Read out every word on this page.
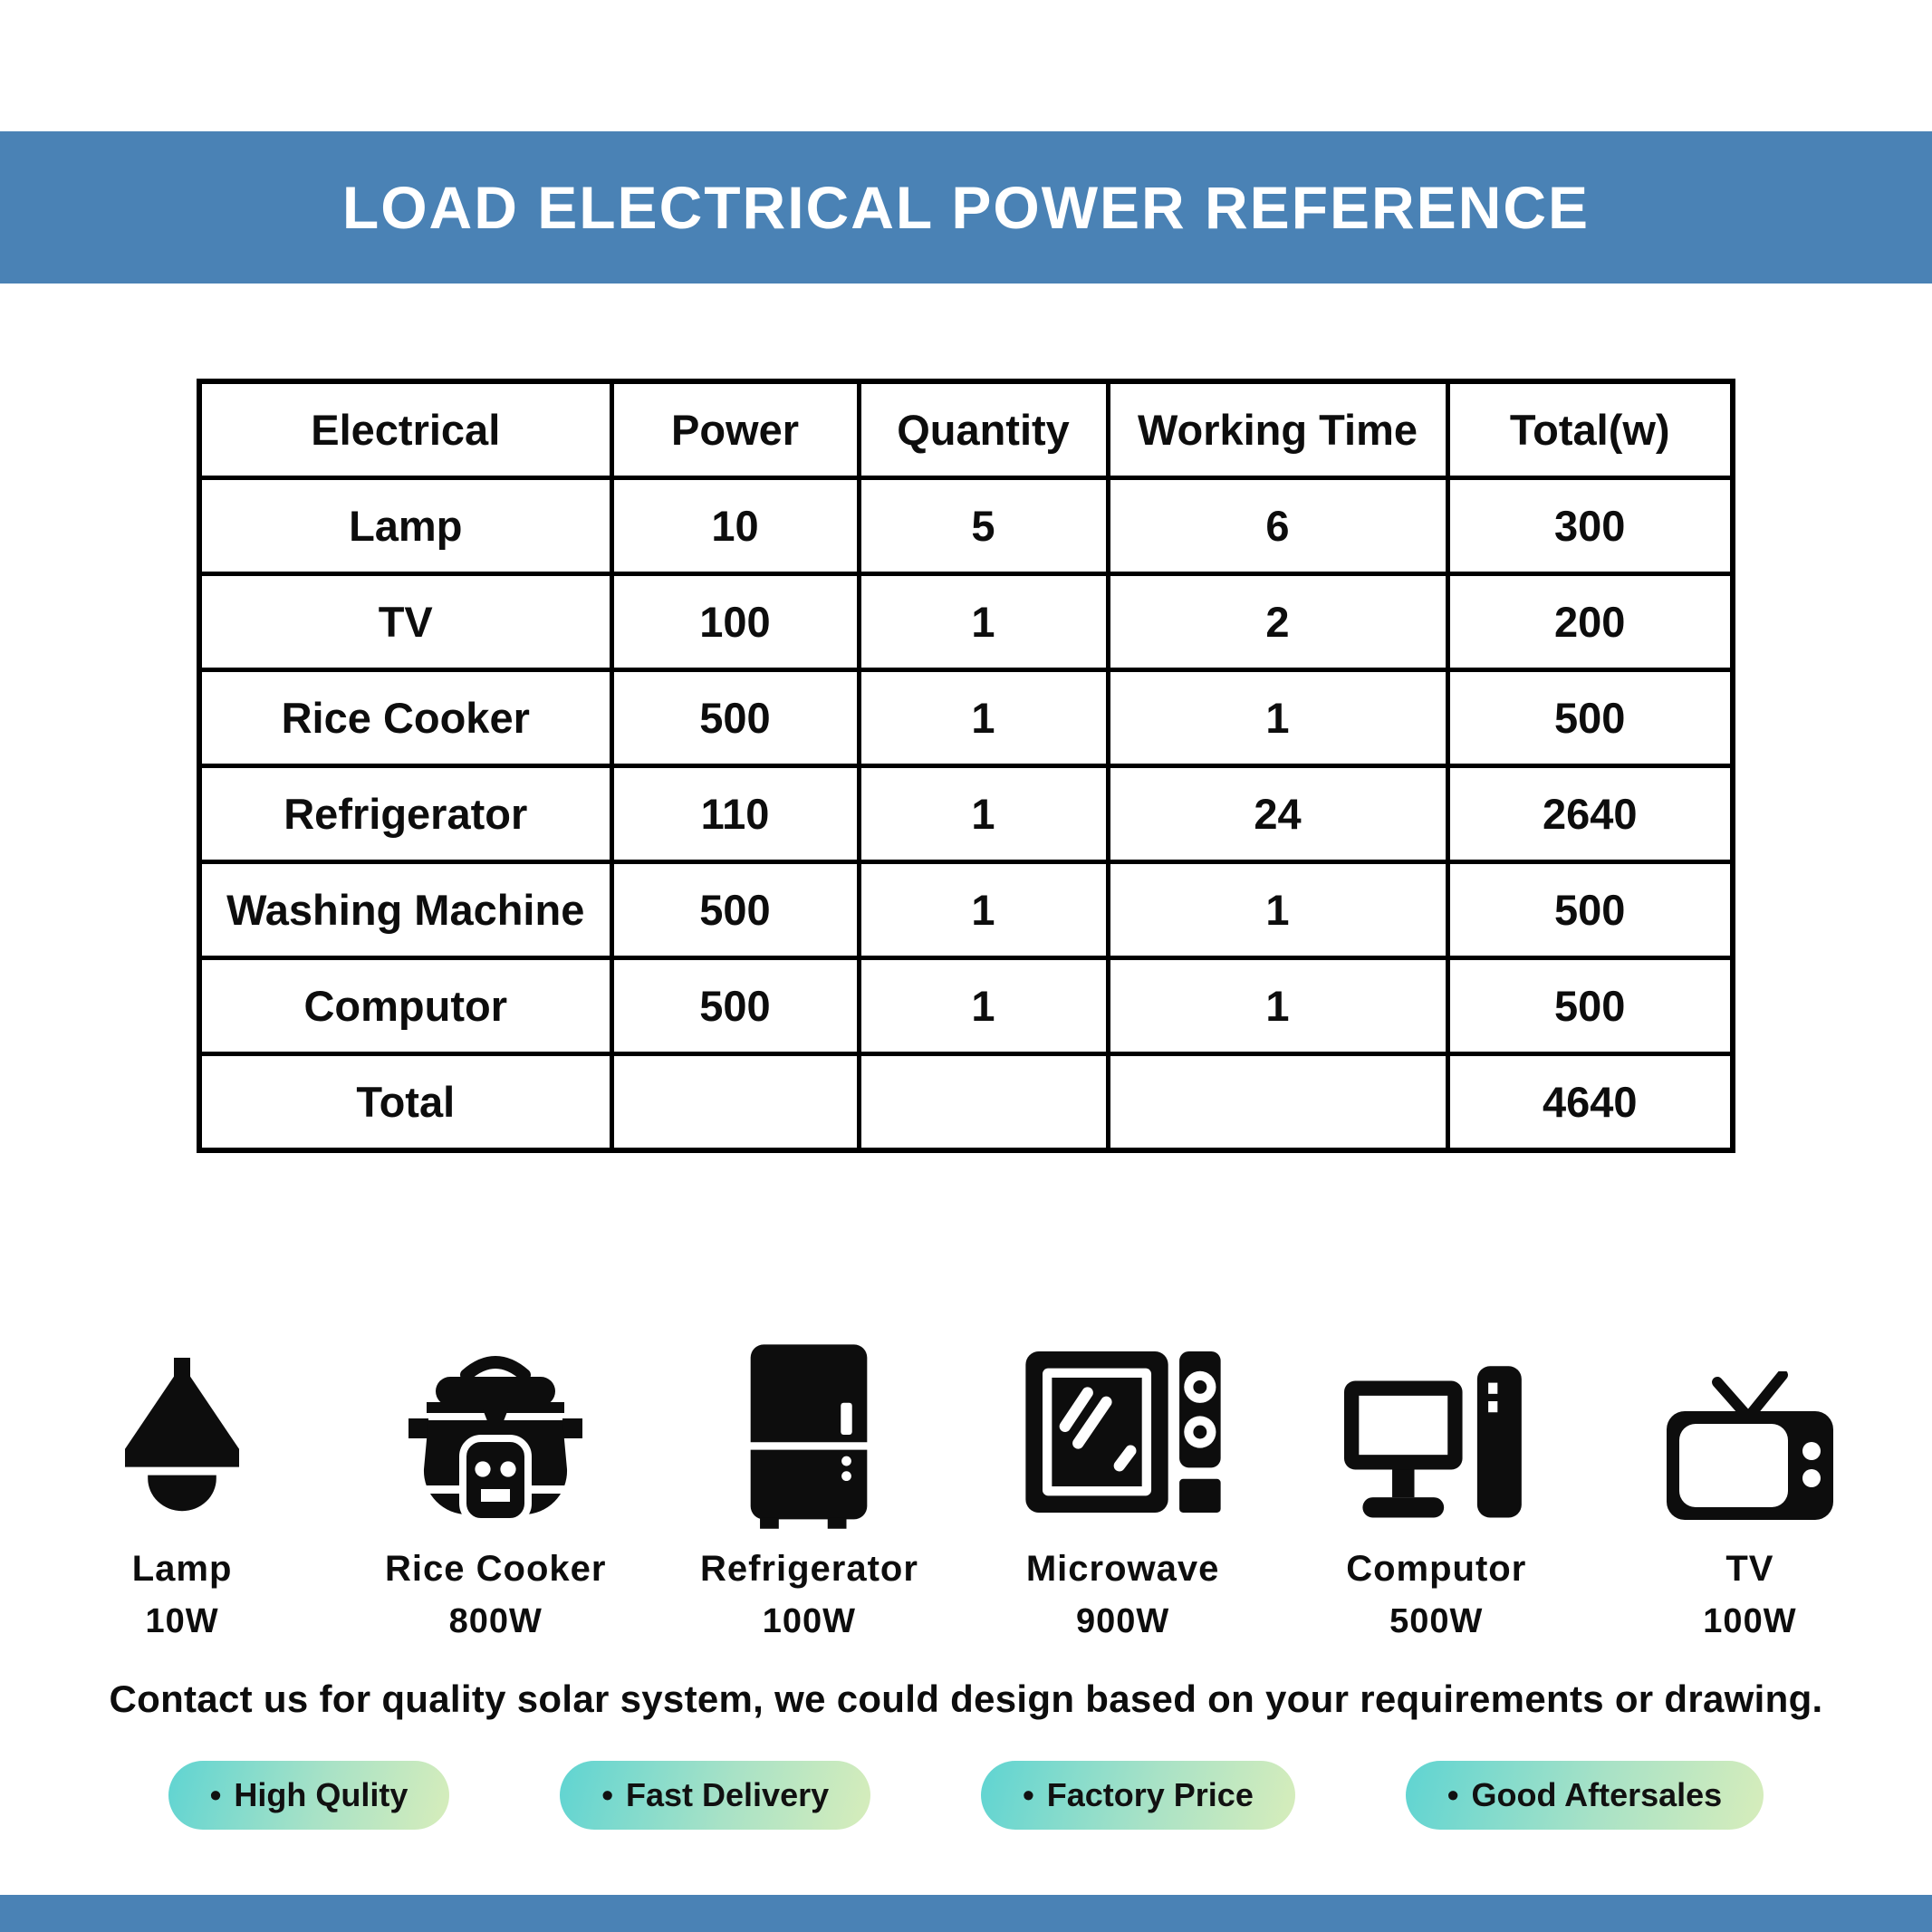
LOAD ELECTRICAL POWER REFERENCE
Electrical	Power	Quantity	Working Time	Total(w)
Lamp	10	5	6	300
TV	100	1	2	200
Rice Cooker	500	1	1	500
Refrigerator	110	1	24	2640
Washing Machine	500	1	1	500
Computor	500	1	1	500
Total				4640
Lamp
10W
Rice Cooker
800W
Refrigerator
100W
Microwave
900W
Computor
500W
TV
100W
Contact us for quality solar system, we could design based on your requirements or drawing.
• High Qulity	• Fast Delivery	• Factory Price	• Good Aftersales
